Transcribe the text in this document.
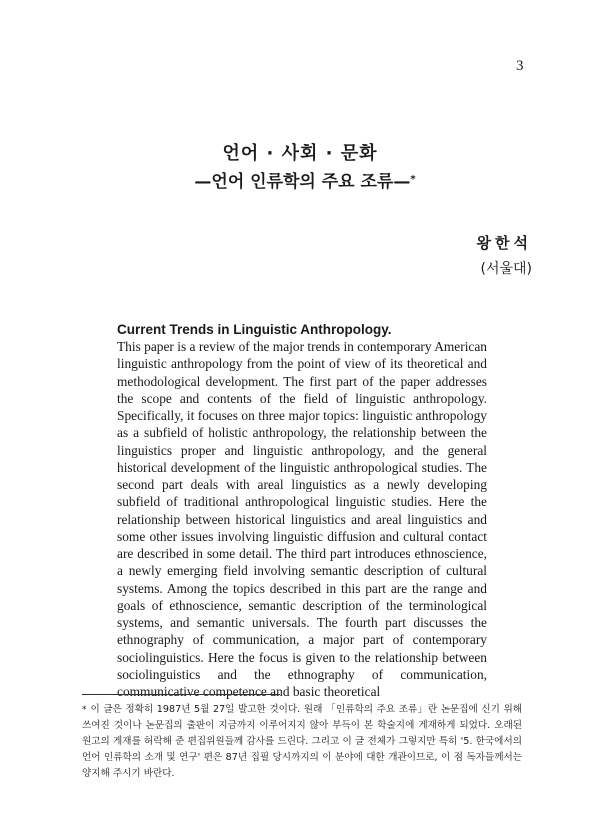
3
언어 · 사회 · 문화
—언어 인류학의 주요 조류—*
왕한석
(서울대)
Current Trends in Linguistic Anthropology.

This paper is a review of the major trends in contemporary American linguistic anthropology from the point of view of its theoretical and methodological development. The first part of the paper addresses the scope and contents of the field of linguistic anthropology. Specifically, it focuses on three major topics: linguistic anthropology as a subfield of holistic anthropology, the relationship between the linguistics proper and linguistic anthropology, and the general historical development of the linguistic anthropological studies. The second part deals with areal linguistics as a newly developing subfield of traditional anthropological linguistic studies. Here the relationship between historical linguistics and areal linguistics and some other issues involving linguistic diffusion and cultural contact are described in some detail. The third part introduces ethnoscience, a newly emerging field involving semantic description of cultural systems. Among the topics described in this part are the range and goals of ethnoscience, semantic description of the terminological systems, and semantic universals. The fourth part discusses the ethnography of communication, a major part of contemporary sociolinguistics. Here the focus is given to the relationship between sociolinguistics and the ethnography of communication, communicative competence and basic theoretical

* 이 글은 정확히 1987년 5월 27일 발고한 것이다. 원래 「인류학의 주요 조류」란 논문집에 신기 위해 쓰여진 것이나 논문집의 출판이 지금까지 이루어지지 않아 부득이 본 학술지에 게재하게 되었다. 오래된 원고의 게재를 허락해 준 편집위원들께 감사를 드린다. 그리고 이 글 전체가 그렇지만 특히 '5. 한국에서의 언어 인류학의 소개 및 연구' 편은 87년 집필 당시까지의 이 분야에 대한 개관이므로, 이 점 독자들께서는 양지해 주시기 바란다.
